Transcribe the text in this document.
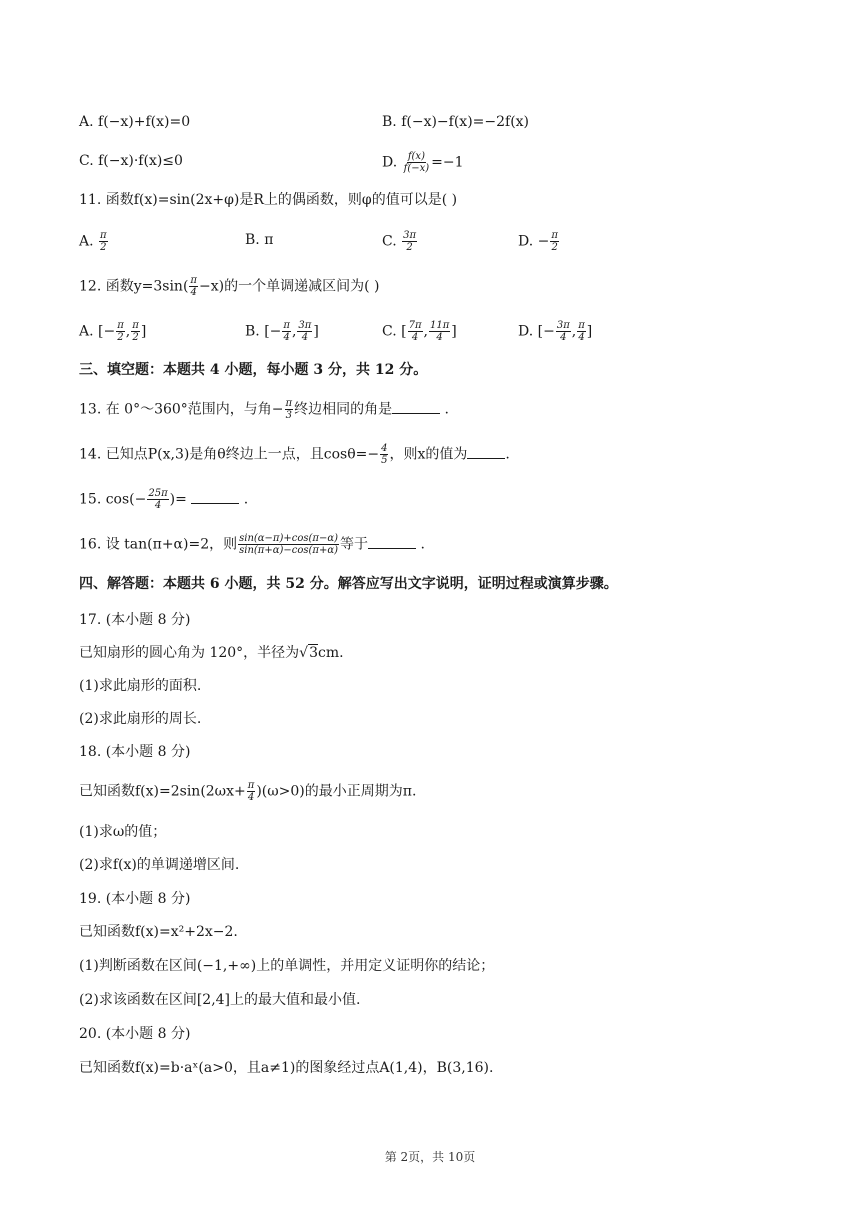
A. f(−x)+f(x)=0	B. f(−x)−f(x)=−2f(x)
C. f(−x)·f(x)≤0	D. $\frac{f(x)}{f(-x)} =-1$
11. 函数f(x)=sin(2x+φ)是R上的偶函数，则φ的值可以是( )
A. $\frac{\pi}{2}$	B. π	C. $\frac{3\pi}{2}$	D. − $\frac{\pi}{2}$
12. 函数$y=3\sin( \frac{\pi}{4} -x)$的一个单调递减区间为( )
A. [− $\frac{\pi}{2}$ , $\frac{\pi}{2}$ ]	B. [− $\frac{\pi}{4}$ , $\frac{3\pi}{4}$ ]	C. [ $\frac{7\pi}{4}$ , $\frac{11\pi}{4}$ ]	D. [− $\frac{3\pi}{4}$ , $\frac{\pi}{4}$ ]
三、填空题：本题共 4 小题，每小题 3 分，共 12 分。
13. 在 0°～360°范围内，与角− $\frac{\pi}{3}$ 终边相同的角是	.
14. 已知点P(x,3)是角θ终边上一点，且$\cos\theta=- \frac{4}{5}$ ，则x的值为	.
15. $\cos(- \frac{25\pi}{4}$ )=	.
16. 设 tan(π+α)=2，则 $\frac{\sin(\alpha-\pi)+\cos(\pi-\alpha)}{\sin(\pi+\alpha)-\cos(\pi+\alpha)}$ 等于	.
四、解答题：本题共 6 小题，共 52 分。解答应写出文字说明，证明过程或演算步骤。
17. (本小题 8 分)
已知扇形的圆心角为 120°，半径为√3cm.
(1)求此扇形的面积.
(2)求此扇形的周长.
18. (本小题 8 分)
已知函数$f(x)=2\sin(2\omega x+ \frac{\pi}{4} )(\omega>0)$的最小正周期为π.
(1)求ω的值；
(2)求f(x)的单调递增区间.
19. (本小题 8 分)
已知函数f(x)=x²+2x−2.
(1)判断函数在区间(−1,+∞)上的单调性，并用定义证明你的结论；
(2)求该函数在区间[2,4]上的最大值和最小值.
20. (本小题 8 分)
已知函数f(x)=b·aˣ(a>0，且a≠1)的图象经过点A(1,4)，B(3,16).
第 2页，共 10页
